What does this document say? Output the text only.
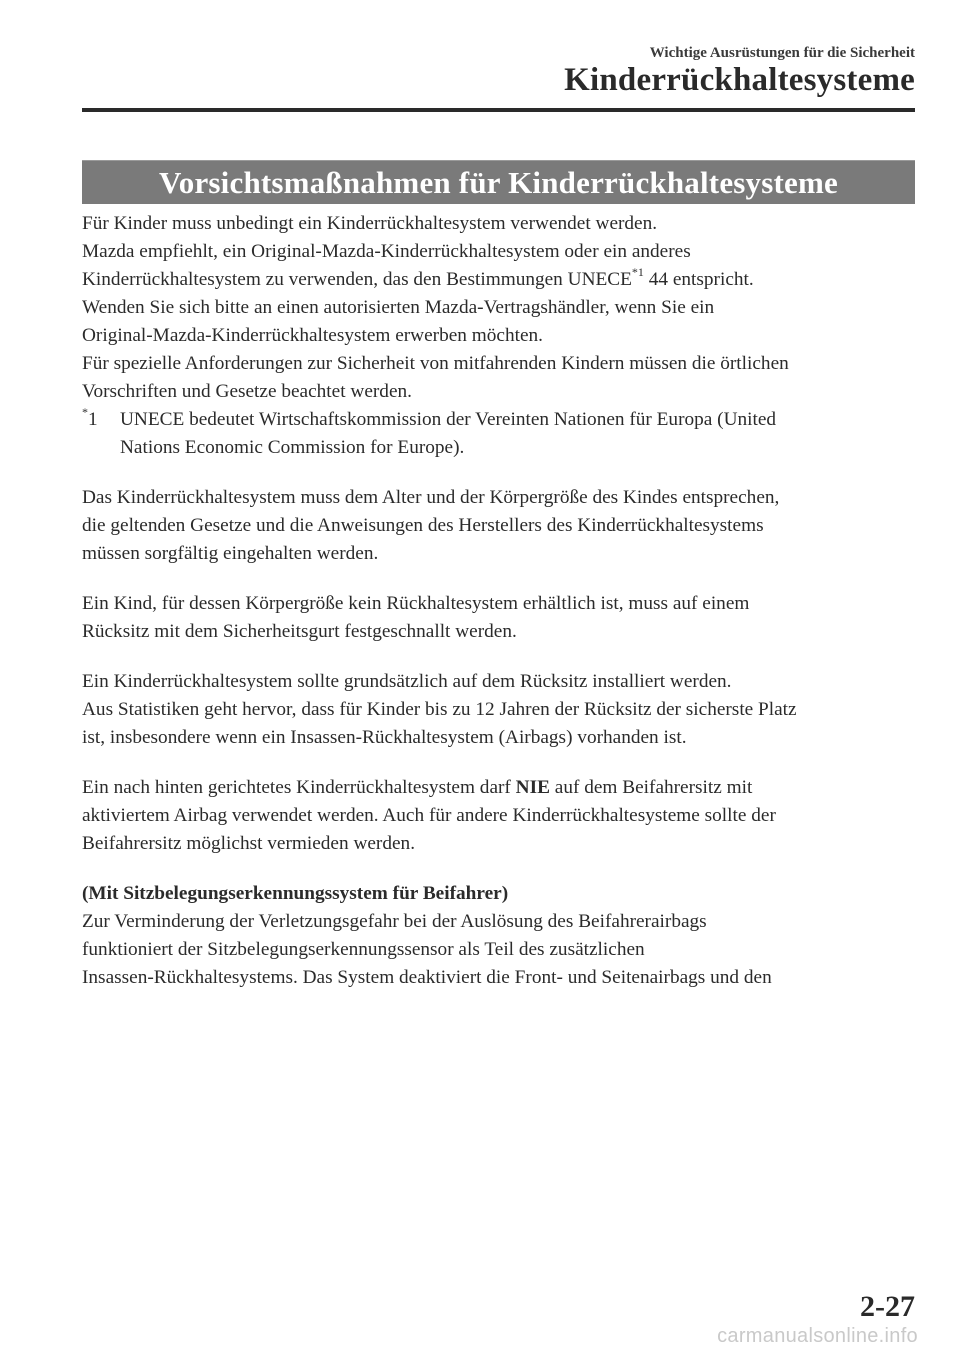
Wichtige Ausrüstungen für die Sicherheit
Kinderrückhaltesysteme
Vorsichtsmaßnahmen für Kinderrückhaltesysteme

Für Kinder muss unbedingt ein Kinderrückhaltesystem verwendet werden.

Mazda empfiehlt, ein Original-Mazda-Kinderrückhaltesystem oder ein anderes

Kinderrückhaltesystem zu verwenden, das den Bestimmungen UNECE$^{*1}$ 44 entspricht.

Wenden Sie sich bitte an einen autorisierten Mazda-Vertragshändler, wenn Sie ein

Original-Mazda-Kinderrückhaltesystem erwerben möchten.

Für spezielle Anforderungen zur Sicherheit von mitfahrenden Kindern müssen die örtlichen

Vorschriften und Gesetze beachtet werden.

*1 UNECE bedeutet Wirtschaftskommission der Vereinten Nationen für Europa (United

Nations Economic Commission for Europe).

Das Kinderrückhaltesystem muss dem Alter und der Körpergröße des Kindes entsprechen,

die geltenden Gesetze und die Anweisungen des Herstellers des Kinderrückhaltesystems

müssen sorgfältig eingehalten werden.

Ein Kind, für dessen Körpergröße kein Rückhaltesystem erhältlich ist, muss auf einem

Rücksitz mit dem Sicherheitsgurt festgeschnallt werden.

Ein Kinderrückhaltesystem sollte grundsätzlich auf dem Rücksitz installiert werden.

Aus Statistiken geht hervor, dass für Kinder bis zu 12 Jahren der Rücksitz der sicherste Platz

ist, insbesondere wenn ein Insassen-Rückhaltesystem (Airbags) vorhanden ist.

Ein nach hinten gerichtetes Kinderrückhaltesystem darf NIE auf dem Beifahrersitz mit

aktiviertem Airbag verwendet werden. Auch für andere Kinderrückhaltesysteme sollte der

Beifahrersitz möglichst vermieden werden.

(Mit Sitzbelegungserkennungssystem für Beifahrer)

Zur Verminderung der Verletzungsgefahr bei der Auslösung des Beifahrerairbags

funktioniert der Sitzbelegungserkennungssensor als Teil des zusätzlichen

Insassen-Rückhaltesystems. Das System deaktiviert die Front- und Seitenairbags und den

2-27
carmanualsonline.info
